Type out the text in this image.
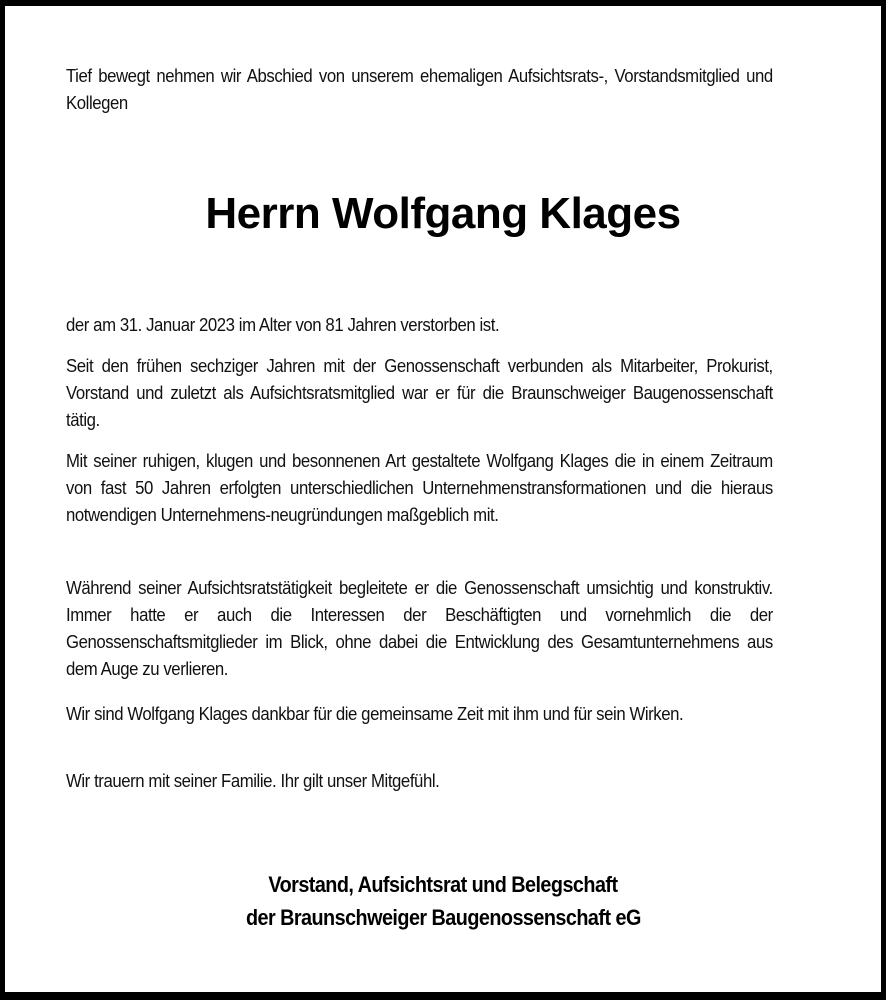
Tief bewegt nehmen wir Abschied von unserem ehemaligen Aufsichtsrats-, Vorstandsmitglied und Kollegen

Herrn Wolfgang Klages

der am 31. Januar 2023 im Alter von 81 Jahren verstorben ist.

Seit den frühen sechziger Jahren mit der Genossenschaft verbunden als Mitarbeiter, Prokurist, Vorstand und zuletzt als Aufsichtsratsmitglied war er für die Braunschweiger Baugenossenschaft tätig.

Mit seiner ruhigen, klugen und besonnenen Art gestaltete Wolfgang Klages die in einem Zeitraum von fast 50 Jahren erfolgten unterschiedlichen Unternehmenstransformationen und die hieraus notwendigen Unternehmens-neugründungen maßgeblich mit.

Während seiner Aufsichtsratstätigkeit begleitete er die Genossenschaft umsichtig und konstruktiv. Immer hatte er auch die Interessen der Beschäftigten und vornehmlich die der Genossenschaftsmitglieder im Blick, ohne dabei die Entwicklung des Gesamtunternehmens aus dem Auge zu verlieren.

Wir sind Wolfgang Klages dankbar für die gemeinsame Zeit mit ihm und für sein Wirken.

Wir trauern mit seiner Familie. Ihr gilt unser Mitgefühl.

Vorstand, Aufsichtsrat und Belegschaft
der Braunschweiger Baugenossenschaft eG
